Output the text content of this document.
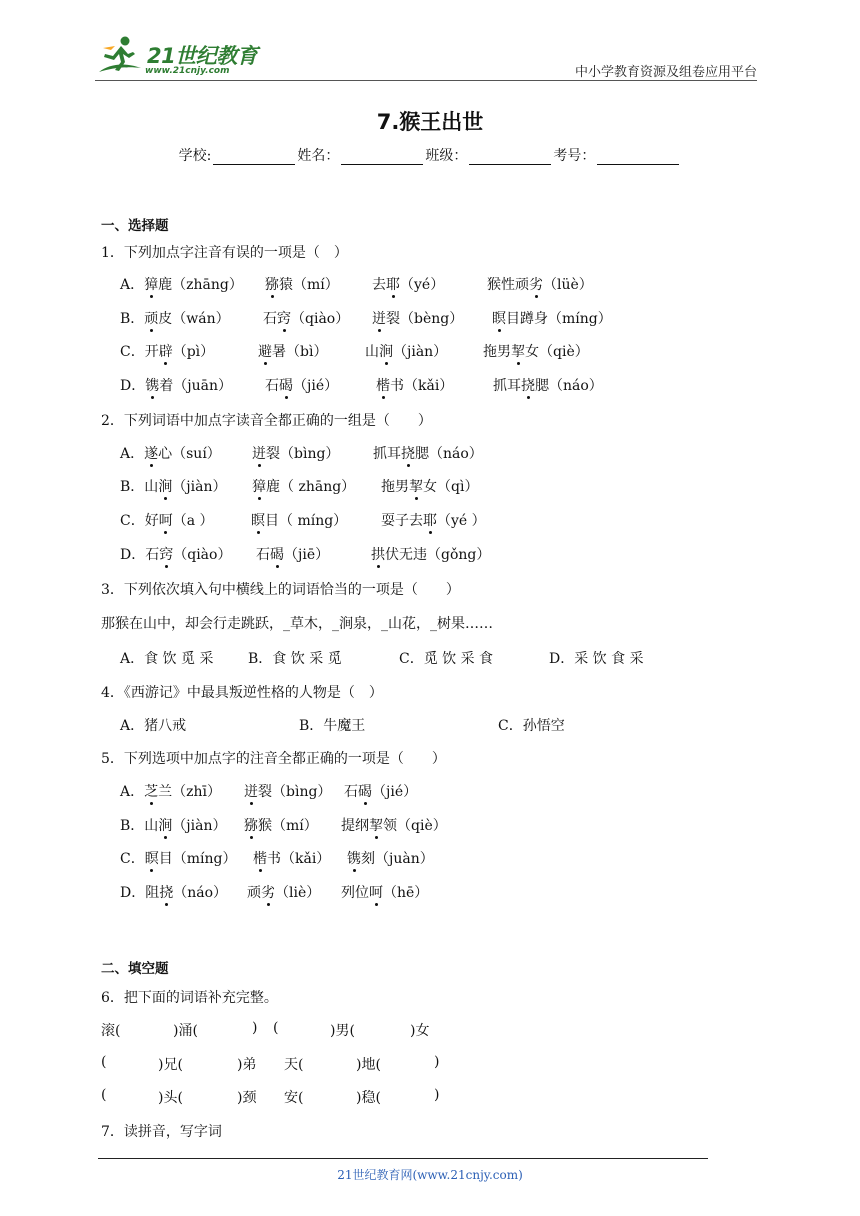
21世纪教育
www.21cnjy.com	中小学教育资源及组卷应用平台
7.猴王出世
学校:	姓名：	班级：	考号：
一、选择题
1．下列加点字注音有误的一项是（　）
A．獐鹿（zhāng） 猕猿（mí） 去耶（yé）	猴性顽劣（lüè）
B．顽皮（wán） 石窍（qiào） 迸裂（bèng） 瞑目蹲身（míng）
C．开辟（pì）	避暑（bì）	山涧（jiàn）	拖男挈女（qiè）
D．镌着（juān） 石碣（jié）	楷书（kǎi）	抓耳挠腮（náo）
2．下列词语中加点字读音全都正确的一组是（　　）
A．遂心（suí） 迸裂（bìng） 抓耳挠腮（náo）
B．山涧（jiàn） 獐鹿（ zhāng） 拖男挈女（qì）
C．好呵（a ）	瞑目（ míng） 耍子去耶（yé ）
D．石窍（qiào） 石碣（jiē）	拱伏无违（gǒng）
3．下列依次填入句中横线上的词语恰当的一项是（　　）
那猴在山中，却会行走跳跃，_草木，_涧泉，_山花，_树果……
A．食 饮 觅 采 B．食 饮 采 觅	C．觅 饮 采 食	D．采 饮 食 采
4．《西游记》中最具叛逆性格的人物是（　）
A．猪八戒	B．牛魔王	C．孙悟空
5．下列选项中加点字的注音全都正确的一项是（　　）
A．芝兰（zhī） 迸裂（bìng） 石碣（jié）
B．山涧（jiàn） 猕猴（mí） 提纲挈领（qiè）
C．瞑目（míng） 楷书（kǎi） 镌刻（juàn）
D．阻挠（náo） 顽劣（liè） 列位呵（hē）
二、填空题
6．把下面的词语补充完整。
滚(	)涌(	) (	)男(	)女
(	)兄(	)弟 天(	)地(	)
(	)头(	)颈 安(	)稳(	)
7．读拼音，写字词
21世纪教育网(www.21cnjy.com)
